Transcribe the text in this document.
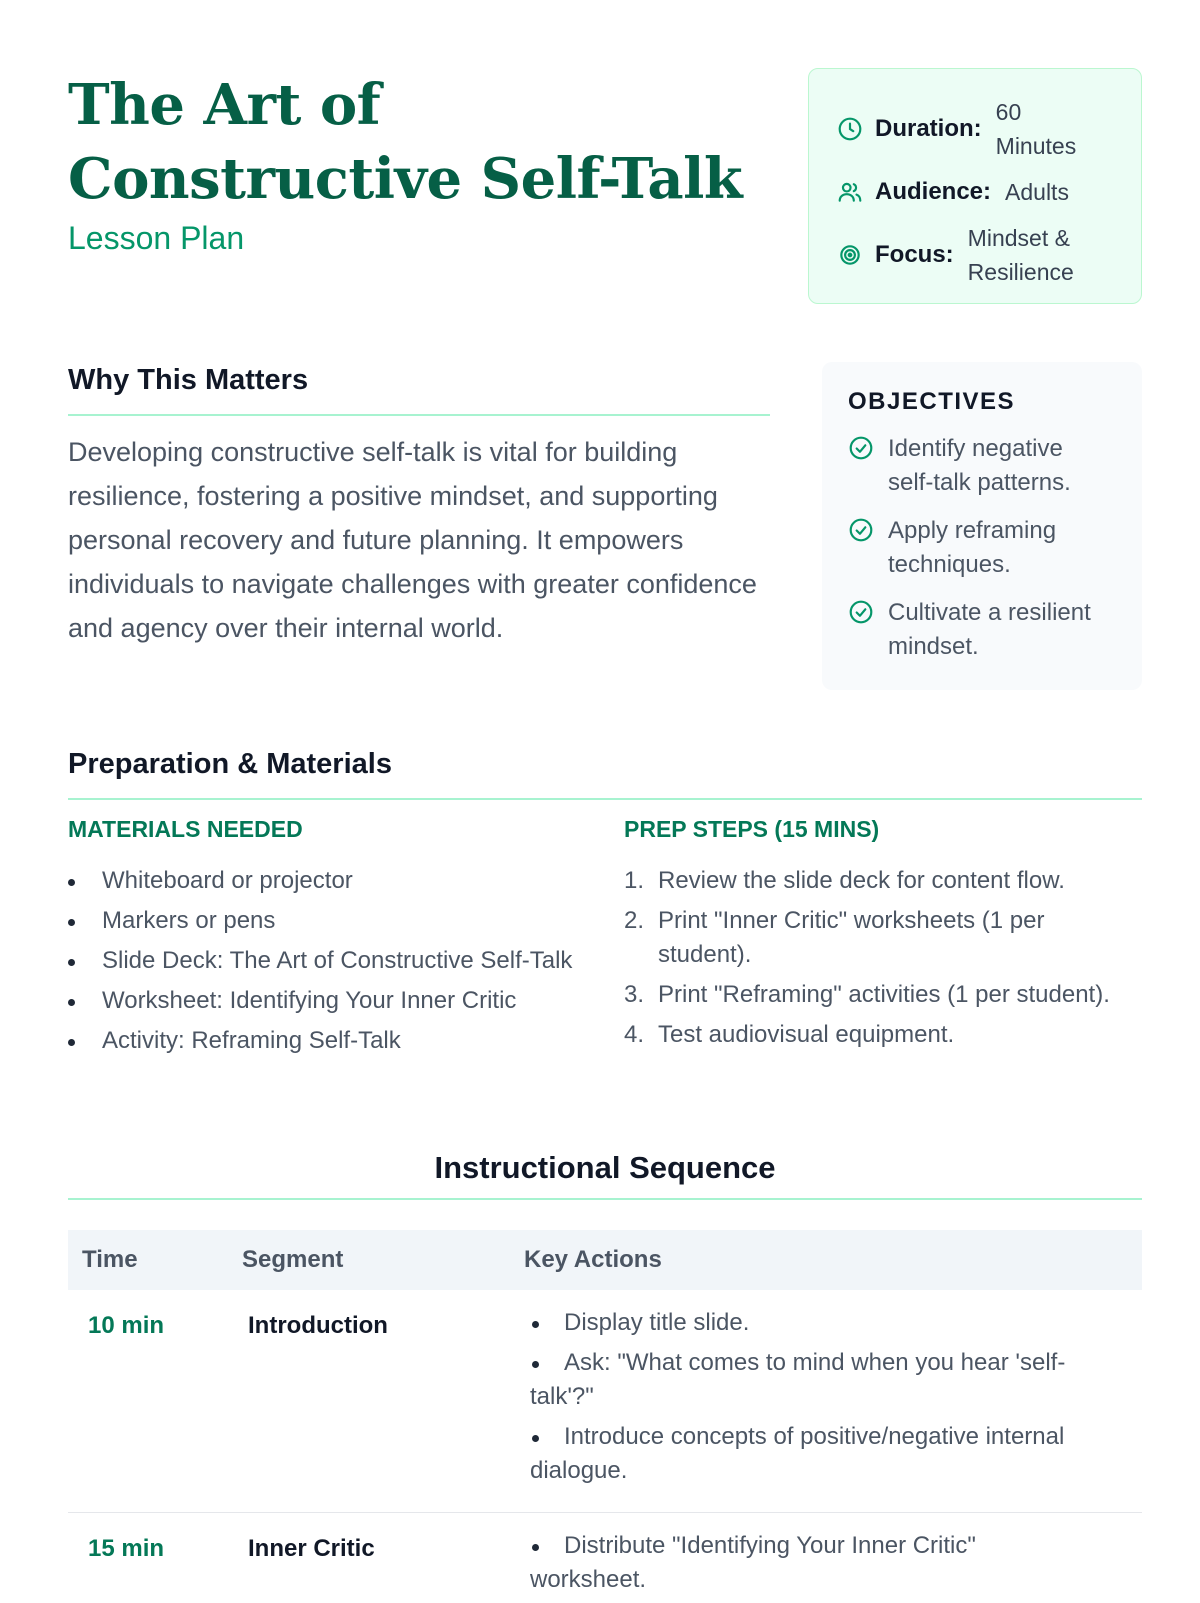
The Art of Constructive Self-Talk
Lesson Plan
Duration:
60 Minutes
Audience: Adults
Focus:
Mindset & Resilience
Why This Matters

Developing constructive self-talk is vital for building resilience, fostering a positive mindset, and supporting personal recovery and future planning. It empowers individuals to navigate challenges with greater confidence and agency over their internal world.

OBJECTIVES
Identify negative self-talk patterns.
Apply reframing techniques.
Cultivate a resilient mindset.
Preparation & Materials
MATERIALS NEEDED
Whiteboard or projector
Markers or pens
Slide Deck: The Art of Constructive Self-Talk
Worksheet: Identifying Your Inner Critic
Activity: Reframing Self-Talk
PREP STEPS (15 MINS)
1. Review the slide deck for content flow.
2. Print "Inner Critic" worksheets (1 per student).
3. Print "Reframing" activities (1 per student).
4. Test audiovisual equipment.
Instructional Sequence
Time	Segment	Key Actions
10 min	Introduction	Display title slide.
Ask: "What comes to mind when you hear 'self-talk'?"
Introduce concepts of positive/negative internal dialogue.
15 min	Inner Critic	Distribute "Identifying Your Inner Critic" worksheet.
